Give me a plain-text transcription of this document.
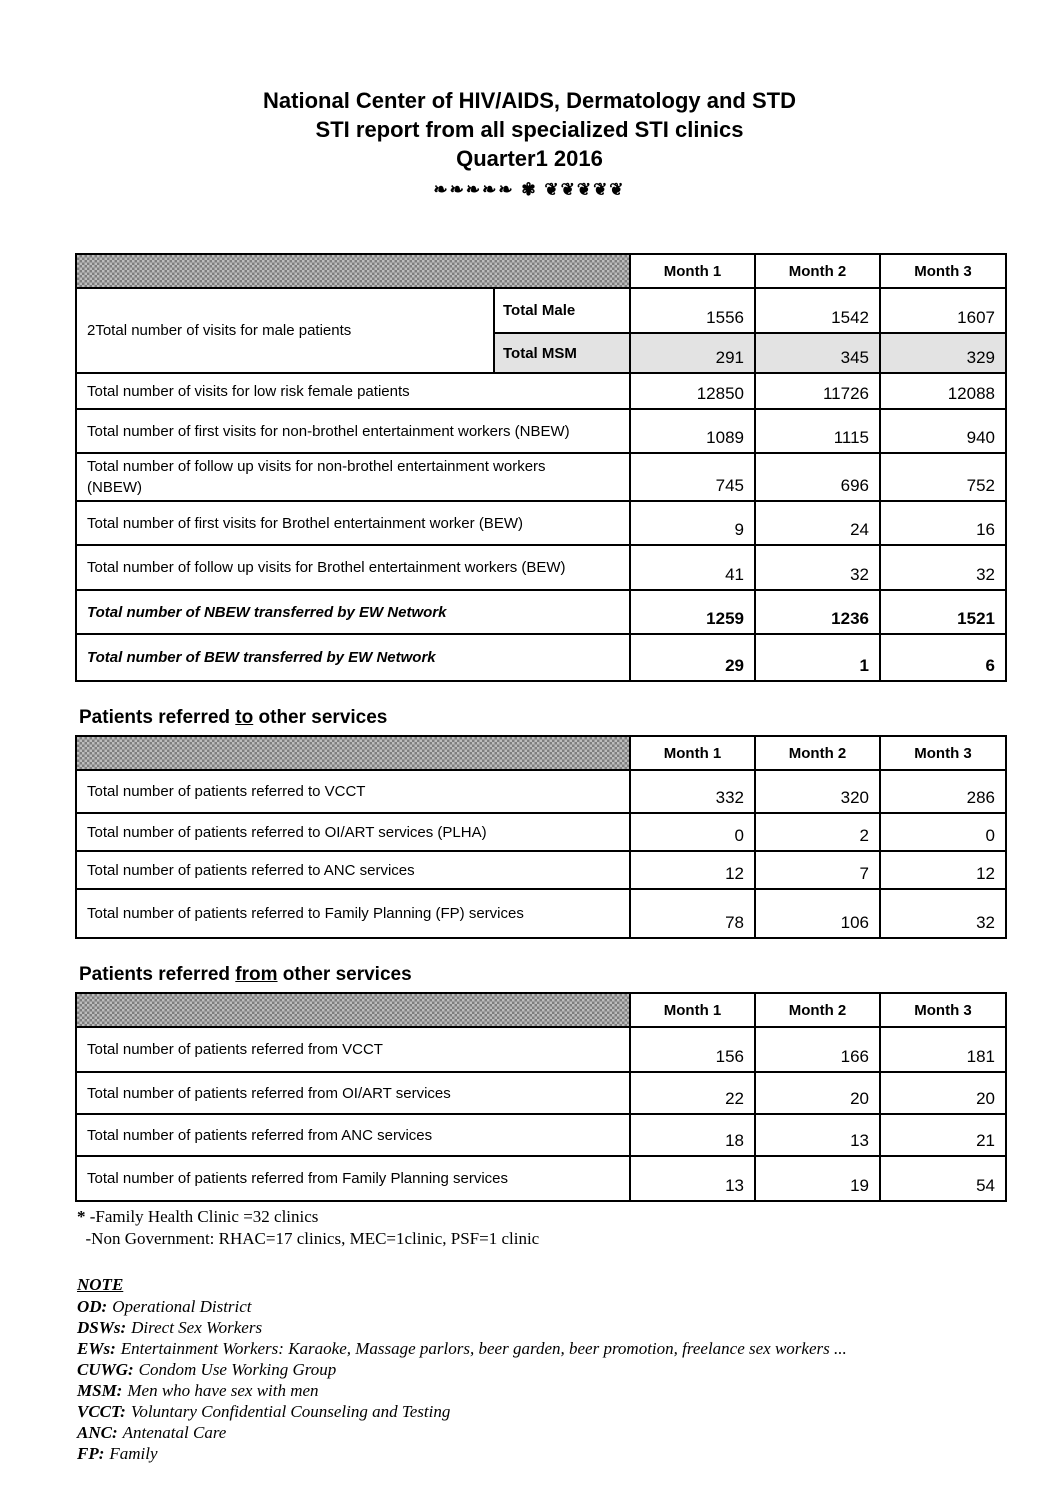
National Center of HIV/AIDS, Dermatology and STD
STI report from all specialized STI clinics
Quarter1 2016
❧❧❧❧❧ ✾ ❦❦❦❦❦
		Month 1	Month 2	Month 3
2Total number of visits for male patients	Total Male	1556	1542	1607
	Total MSM	291	345	329
Total number of visits for low risk female patients		12850	11726	12088
Total number of first visits for non-brothel entertainment workers (NBEW)		1089	1115	940
Total number of follow up visits for non-brothel entertainment workers (NBEW)		745	696	752
Total number of first visits for Brothel entertainment worker (BEW)		9	24	16
Total number of follow up visits for Brothel entertainment workers (BEW)		41	32	32
Total number of NBEW transferred by EW Network		1259	1236	1521
Total number of BEW transferred by EW Network		29	1	6
Patients referred to other services
	Month 1	Month 2	Month 3
Total number of patients referred to VCCT	332	320	286
Total number of patients referred to OI/ART services (PLHA)	0	2	0
Total number of patients referred to ANC services	12	7	12
Total number of patients referred to Family Planning (FP) services	78	106	32
Patients referred from other services
	Month 1	Month 2	Month 3
Total number of patients referred from VCCT	156	166	181
Total number of patients referred from OI/ART services	22	20	20
Total number of patients referred from ANC services	18	13	21
Total number of patients referred from Family Planning services	13	19	54
* -Family Health Clinic =32 clinics
-Non Government: RHAC=17 clinics, MEC=1clinic, PSF=1 clinic
NOTE
OD: Operational District
DSWs: Direct Sex Workers
EWs: Entertainment Workers: Karaoke, Massage parlors, beer garden, beer promotion, freelance sex workers ...
CUWG: Condom Use Working Group
MSM: Men who have sex with men
VCCT: Voluntary Confidential Counseling and Testing
ANC: Antenatal Care
FP: Family
